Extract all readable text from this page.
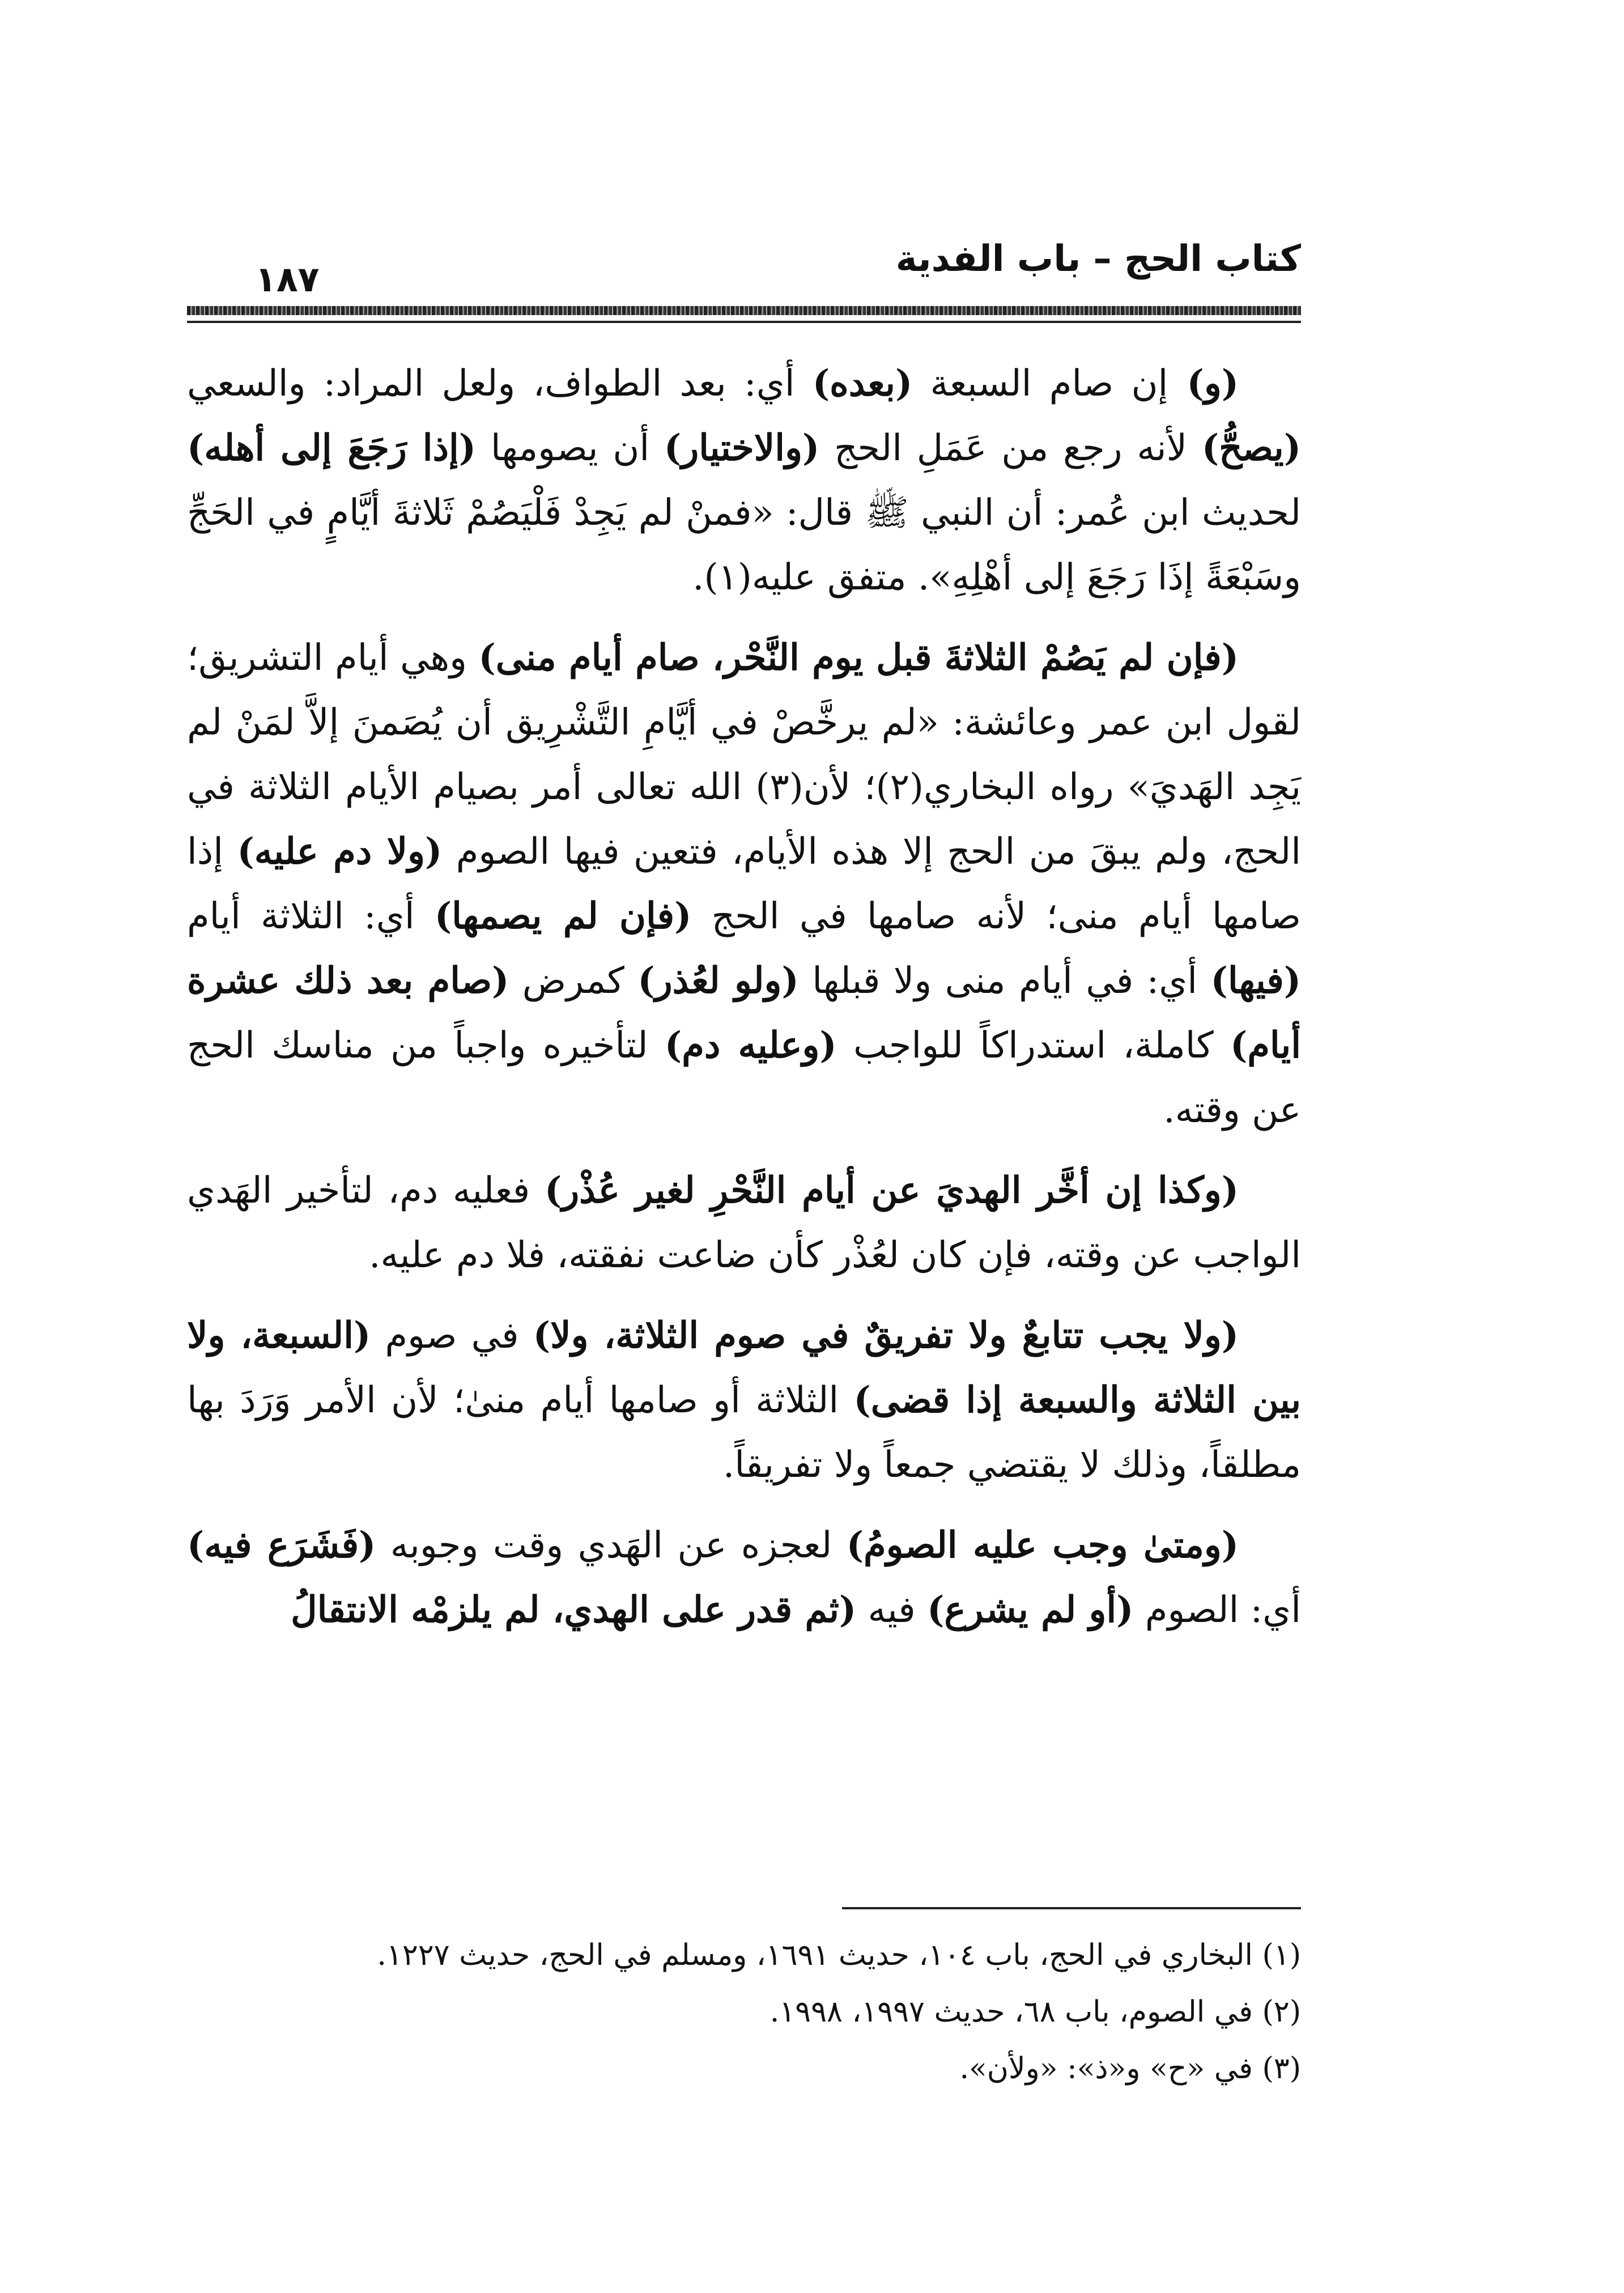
كتاب الحج – باب الفدية
١٨٧

(و) إن صام السبعة (بعده) أي: بعد الطواف، ولعل المراد: والسعي (يصحُّ) لأنه رجع من عَمَلِ الحج (والاختيار) أن يصومها (إذا رَجَعَ إلى أهله) لحديث ابن عُمر: أن النبي ﷺ قال: «فمنْ لم يَجِدْ فَلْيَصُمْ ثَلاثةَ أيَّامٍ في الحَجِّ وسَبْعَةً إذَا رَجَعَ إلى أهْلِهِ». متفق عليه(١).

(فإن لم يَصُمْ الثلاثةَ قبل يوم النَّحْر، صام أيام منى) وهي أيام التشريق؛ لقول ابن عمر وعائشة: «لم يرخَّصْ في أيَّامِ التَّشْرِيق أن يُصَمنَ إلاَّ لمَنْ لم يَجِد الهَديَ» رواه البخاري(٢)؛ لأن(٣) الله تعالى أمر بصيام الأيام الثلاثة في الحج، ولم يبقَ من الحج إلا هذه الأيام، فتعين فيها الصوم (ولا دم عليه) إذا صامها أيام منى؛ لأنه صامها في الحج (فإن لم يصمها) أي: الثلاثة أيام (فيها) أي: في أيام منى ولا قبلها (ولو لعُذر) كمرض (صام بعد ذلك عشرة أيام) كاملة، استدراكاً للواجب (وعليه دم) لتأخيره واجباً من مناسك الحج عن وقته.

(وكذا إن أخَّر الهديَ عن أيام النَّحْرِ لغير عُذْر) فعليه دم، لتأخير الهَدي الواجب عن وقته، فإن كان لعُذْر كأن ضاعت نفقته، فلا دم عليه.

(ولا يجب تتابعٌ ولا تفريقٌ في صوم الثلاثة، ولا) في صوم (السبعة، ولا بين الثلاثة والسبعة إذا قضى) الثلاثة أو صامها أيام منىٰ؛ لأن الأمر وَرَدَ بها مطلقاً، وذلك لا يقتضي جمعاً ولا تفريقاً.

(ومتىٰ وجب عليه الصومُ) لعجزه عن الهَدي وقت وجوبه (فَشَرَع فيه) أي: الصوم (أو لم يشرع) فيه (ثم قدر على الهدي، لم يلزمْه الانتقالُ

(١) البخاري في الحج، باب ١٠٤، حديث ١٦٩١، ومسلم في الحج، حديث ١٢٢٧.

(٢) في الصوم، باب ٦٨، حديث ١٩٩٧، ١٩٩٨.

(٣) في «ح» و«ذ»: «ولأن».
